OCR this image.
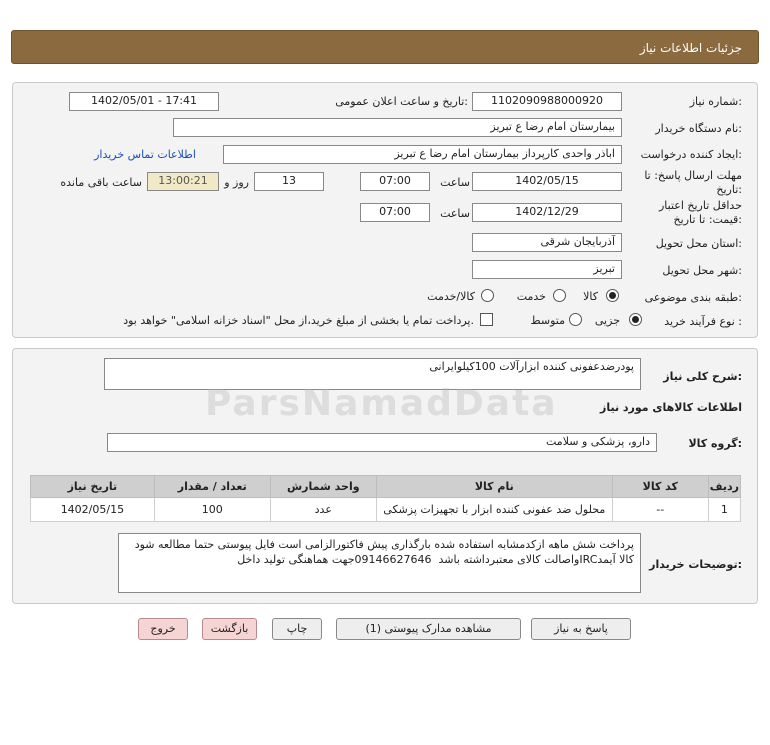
جزئیات اطلاعات نیاز
شماره نیاز:
1102090988000920
تاریخ و ساعت اعلان عمومی:
1402/05/01 - 17:41
نام دستگاه خریدار:
بیمارستان امام رضا ع تبریز
ایجاد کننده درخواست:
اباذر واحدی کارپرداز بیمارستان امام رضا ع تبریز
اطلاعات تماس خریدار
مهلت ارسال پاسخ: تا
تاریخ:
1402/05/15
ساعت
07:00
13
روز و
13:00:21
ساعت باقی مانده
حداقل تاریخ اعتبار
قیمت: تا تاریخ:
1402/12/29
ساعت
07:00
استان محل تحویل:
آذربایجان شرقی
شهر محل تحویل:
تبریز
طبقه بندی موضوعی:
کالا
خدمت
کالا/خدمت
نوع فرآیند خرید :
جزیی
متوسط
پرداخت تمام یا بخشی از مبلغ خرید،از محل "اسناد خزانه اسلامی" خواهد بود.
شرح کلی نیاز:
پودرضدعفونی کننده ابزارآلات 100کیلوایرانی
ParsNamadData	اطلاعات کالاهای مورد نیاز
گروه کالا:
دارو، پزشکی و سلامت
ردیف	کد کالا	نام کالا	واحد شمارش	تعداد / مقدار	تاریخ نیاز
1	--	محلول ضد عفونی کننده ابزار با تجهیزات پزشکی	عدد	100	1402/05/15
توضیحات خریدار:
پرداخت شش ماهه ازکدمشابه استفاده شده بارگذاری پیش فاکتورالزامی است فایل پیوستی حتما مطالعه شود کالا آیمدIRCواصالت کالای معتبرداشته باشد  09146627646جهت هماهنگی تولید داخل
پاسخ به نیاز
مشاهده مدارک پیوستی (1)
چاپ
بازگشت
خروج
